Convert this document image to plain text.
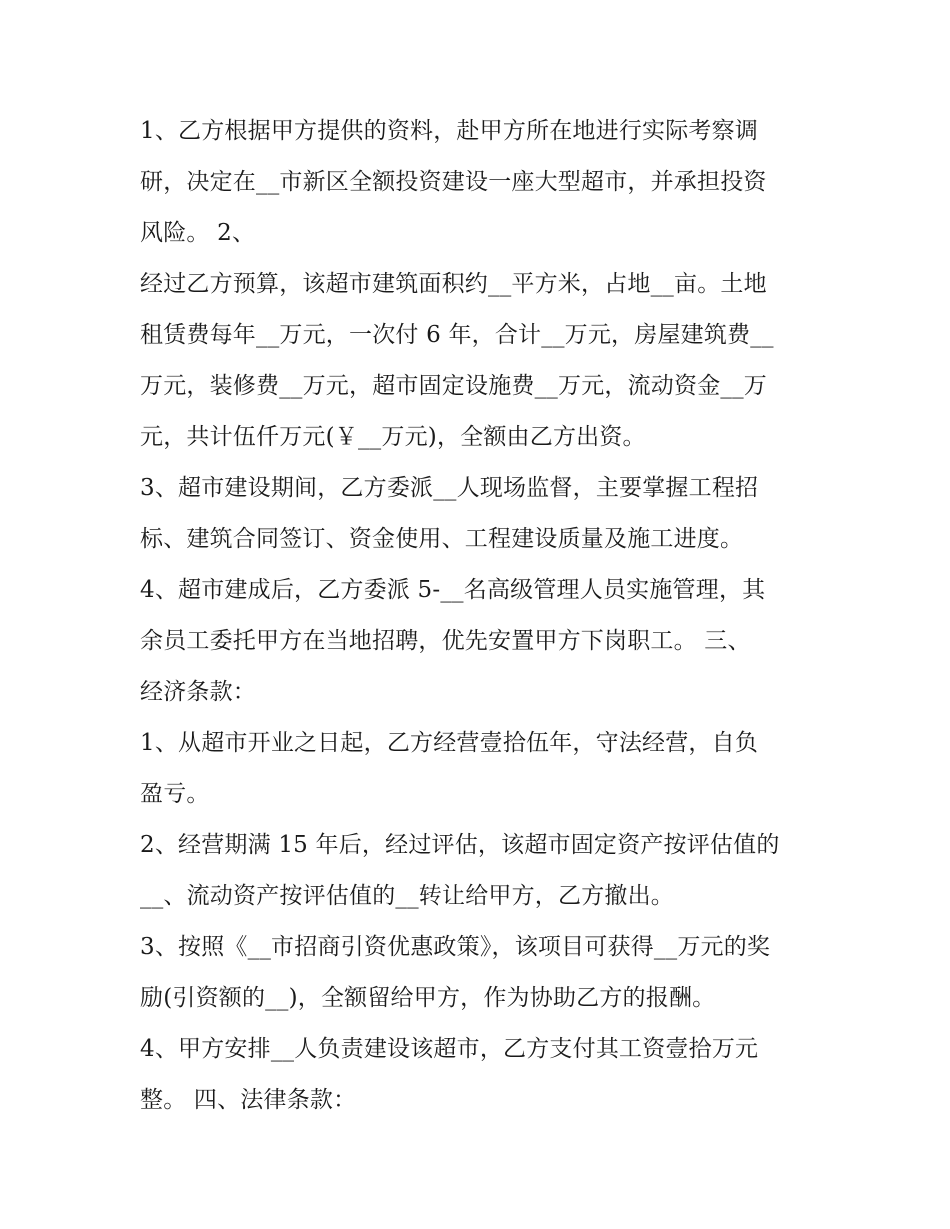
1、乙方根据甲方提供的资料，赴甲方所在地进行实际考察调
研，决定在__市新区全额投资建设一座大型超市，并承担投资
风险。 2、
经过乙方预算，该超市建筑面积约__平方米，占地__亩。土地
租赁费每年__万元，一次付 6 年，合计__万元，房屋建筑费__
万元，装修费__万元，超市固定设施费__万元，流动资金__万
元，共计伍仟万元(￥__万元)，全额由乙方出资。
3、超市建设期间，乙方委派__人现场监督，主要掌握工程招
标、建筑合同签订、资金使用、工程建设质量及施工进度。
4、超市建成后，乙方委派 5-__名高级管理人员实施管理，其
余员工委托甲方在当地招聘，优先安置甲方下岗职工。 三、
经济条款：
1、从超市开业之日起，乙方经营壹拾伍年，守法经营，自负
盈亏。
2、经营期满 15 年后，经过评估，该超市固定资产按评估值的
__、流动资产按评估值的__转让给甲方，乙方撤出。
3、按照《__市招商引资优惠政策》，该项目可获得__万元的奖
励(引资额的__)，全额留给甲方，作为协助乙方的报酬。
4、甲方安排__人负责建设该超市，乙方支付其工资壹拾万元
整。 四、法律条款：
